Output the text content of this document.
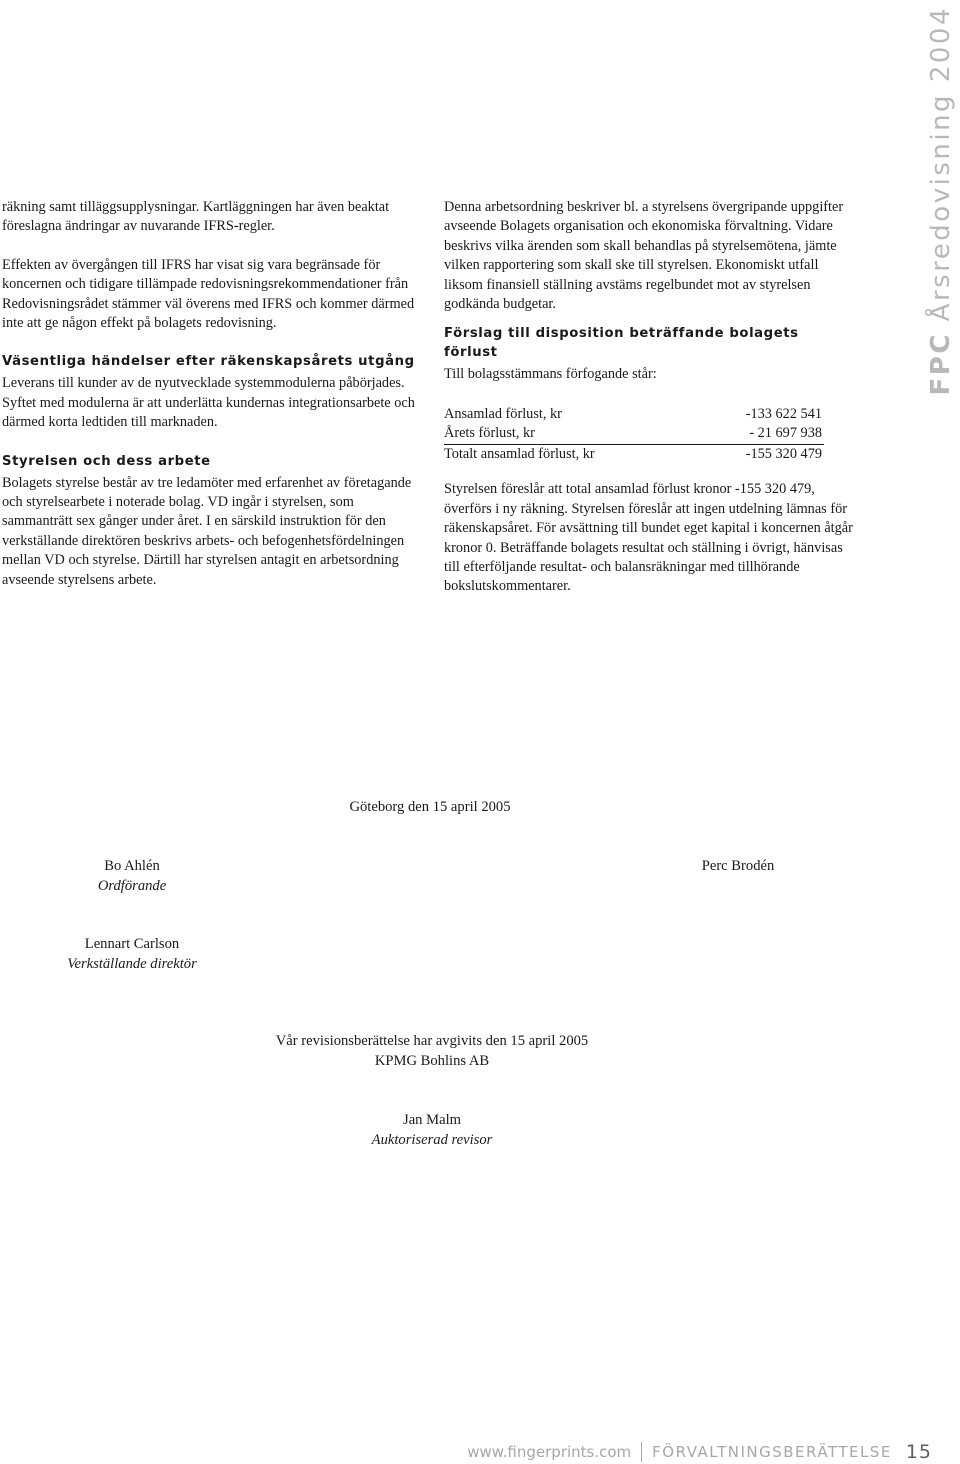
FPC Årsredovisning 2004

räkning samt tilläggsupplysningar. Kartläggningen har även beaktat föreslagna ändringar av nuvarande IFRS-regler.

Effekten av övergången till IFRS har visat sig vara begränsade för koncernen och tidigare tillämpade redovisningsrekommendationer från Redovisningsrådet stämmer väl överens med IFRS och kommer därmed inte att ge någon effekt på bolagets redovisning.

Väsentliga händelser efter räkenskapsårets utgång

Leverans till kunder av de nyutvecklade systemmodulerna påbörjades. Syftet med modulerna är att underlätta kundernas integrationsarbete och därmed korta ledtiden till marknaden.

Styrelsen och dess arbete

Bolagets styrelse består av tre ledamöter med erfarenhet av företagande och styrelsearbete i noterade bolag. VD ingår i styrelsen, som sammanträtt sex gånger under året. I en särskild instruktion för den verkställande direktören beskrivs arbets- och befogenhetsfördelningen mellan VD och styrelse. Därtill har styrelsen antagit en arbetsordning avseende styrelsens arbete.

Denna arbetsordning beskriver bl. a styrelsens övergripande uppgifter avseende Bolagets organisation och ekonomiska förvaltning. Vidare beskrivs vilka ärenden som skall behandlas på styrelsemötena, jämte vilken rapportering som skall ske till styrelsen. Ekonomiskt utfall liksom finansiell ställning avstäms regelbundet mot av styrelsen godkända budgetar.

Förslag till disposition beträffande bolagets förlust

Till bolagsstämmans förfogande står:

Ansamlad förlust, kr	-133 622 541
Årets förlust, kr	- 21 697 938
Totalt ansamlad förlust, kr	-155 320 479

Styrelsen föreslår att total ansamlad förlust kronor -155 320 479, överförs i ny räkning. Styrelsen föreslår att ingen utdelning lämnas för räkenskapsåret. För avsättning till bundet eget kapital i koncernen åtgår kronor 0. Beträffande bolagets resultat och ställning i övrigt, hänvisas till efterföljande resultat- och balansräkningar med tillhörande bokslutskommentarer.

Göteborg den 15 april 2005
Bo Ahlén
Ordförande
Perc Brodén
Lennart Carlson
Verkställande direktör
Vår revisionsberättelse har avgivits den 15 april 2005
KPMG Bohlins AB
Jan Malm
Auktoriserad revisor
www.fingerprints.com FÖRVALTNINGSBERÄTTELSE 15
